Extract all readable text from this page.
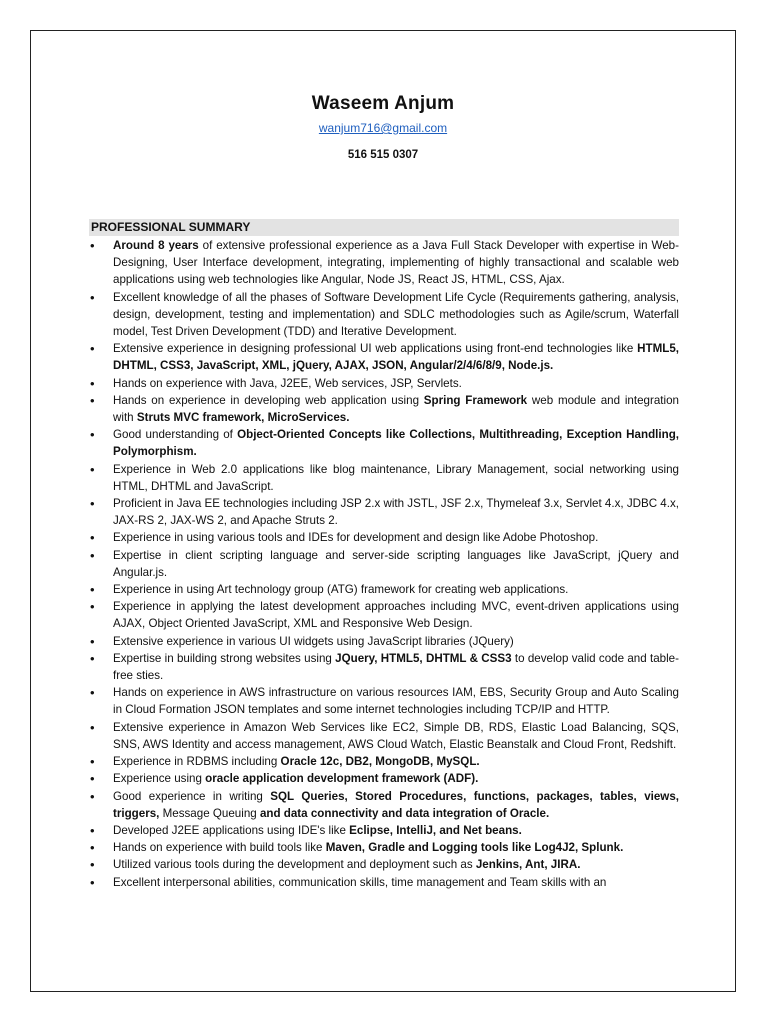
Waseem Anjum
wanjum716@gmail.com
516 515 0307
PROFESSIONAL SUMMARY
• Around 8 years of extensive professional experience as a Java Full Stack Developer with expertise in Web- Designing, User Interface development, integrating, implementing of highly transactional and scalable web applications using web technologies like Angular, Node JS, React JS, HTML, CSS, Ajax.
• Excellent knowledge of all the phases of Software Development Life Cycle (Requirements gathering, analysis, design, development, testing and implementation) and SDLC methodologies such as Agile/scrum, Waterfall model, Test Driven Development (TDD) and Iterative Development.
• Extensive experience in designing professional UI web applications using front-end technologies like HTML5, DHTML, CSS3, JavaScript, XML, jQuery, AJAX, JSON, Angular/2/4/6/8/9, Node.js.
• Hands on experience with Java, J2EE, Web services, JSP, Servlets.
• Hands on experience in developing web application using Spring Framework web module and integration with Struts MVC framework, MicroServices.
• Good understanding of Object-Oriented Concepts like Collections, Multithreading, Exception Handling, Polymorphism.
• Experience in Web 2.0 applications like blog maintenance, Library Management, social networking using HTML, DHTML and JavaScript.
• Proficient in Java EE technologies including JSP 2.x with JSTL, JSF 2.x, Thymeleaf 3.x, Servlet 4.x, JDBC 4.x, JAX-RS 2, JAX-WS 2, and Apache Struts 2.
• Experience in using various tools and IDEs for development and design like Adobe Photoshop.
• Expertise in client scripting language and server-side scripting languages like JavaScript, jQuery and Angular.js.
• Experience in using Art technology group (ATG) framework for creating web applications.
• Experience in applying the latest development approaches including MVC, event-driven applications using AJAX, Object Oriented JavaScript, XML and Responsive Web Design.
• Extensive experience in various UI widgets using JavaScript libraries (JQuery)
• Expertise in building strong websites using JQuery, HTML5, DHTML & CSS3 to develop valid code and table-free sties.
• Hands on experience in AWS infrastructure on various resources IAM, EBS, Security Group and Auto Scaling in Cloud Formation JSON templates and some internet technologies including TCP/IP and HTTP.
• Extensive experience in Amazon Web Services like EC2, Simple DB, RDS, Elastic Load Balancing, SQS, SNS, AWS Identity and access management, AWS Cloud Watch, Elastic Beanstalk and Cloud Front, Redshift.
• Experience in RDBMS including Oracle 12c, DB2, MongoDB, MySQL.
• Experience using oracle application development framework (ADF).
• Good experience in writing SQL Queries, Stored Procedures, functions, packages, tables, views, triggers, Message Queuing and data connectivity and data integration of Oracle.
• Developed J2EE applications using IDE's like Eclipse, IntelliJ, and Net beans.
• Hands on experience with build tools like Maven, Gradle and Logging tools like Log4J2, Splunk.
• Utilized various tools during the development and deployment such as Jenkins, Ant, JIRA.
• Excellent interpersonal abilities, communication skills, time management and Team skills with an
